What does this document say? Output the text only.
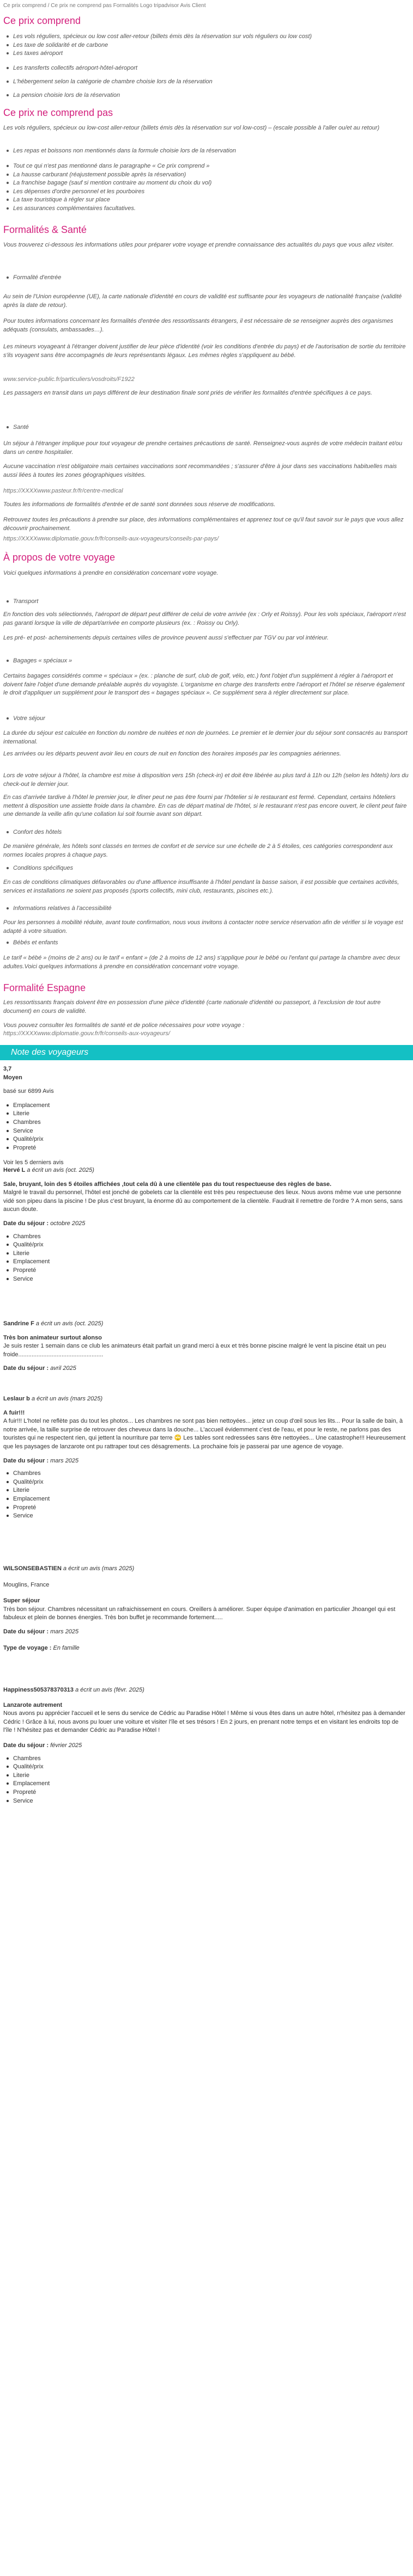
Ce prix comprend / Ce prix ne comprend pas Formalités Logo tripadvisor Avis Client
Ce prix comprend
Les vols réguliers, spécieux ou low cost aller-retour (billets émis dès la réservation sur vols réguliers ou low cost)
Les taxe de solidarité et de carbone
Les taxes aéroport
Les transferts collectifs aéroport-hôtel-aéroport
L'hébergement selon la catégorie de chambre choisie lors de la réservation
La pension choisie lors de la réservation
Ce prix ne comprend pas

Les vols réguliers, spécieux ou low-cost aller-retour (billets émis dès la réservation sur vol low-cost) – (escale possible à l'aller ou/et au retour)

Les repas et boissons non mentionnés dans la formule choisie lors de la réservation
Tout ce qui n'est pas mentionné dans le paragraphe « Ce prix comprend »
La hausse carburant (réajustement possible après la réservation)
La franchise bagage (sauf si mention contraire au moment du choix du vol)
Les dépenses d'ordre personnel et les pourboires
La taxe touristique à régler sur place
Les assurances complémentaires facultatives.
Formalités & Santé

Vous trouverez ci-dessous les informations utiles pour préparer votre voyage et prendre connaissance des actualités du pays que vous allez visiter.

Formalité d'entrée

Au sein de l'Union européenne (UE), la carte nationale d'identité en cours de validité est suffisante pour les voyageurs de nationalité française (validité après la date de retour).

Pour toutes informations concernant les formalités d'entrée des ressortissants étrangers, il est nécessaire de se renseigner auprès des organismes adéquats (consulats, ambassades…).

Les mineurs voyageant à l'étranger doivent justifier de leur pièce d'identité (voir les conditions d'entrée du pays) et de l'autorisation de sortie du territoire s'ils voyagent sans être accompagnés de leurs représentants légaux. Les mêmes règles s'appliquent au bébé.

www.service-public.fr/particuliers/vosdroits/F1922

Les passagers en transit dans un pays différent de leur destination finale sont priés de vérifier les formalités d'entrée spécifiques à ce pays.

Santé

Un séjour à l'étranger implique pour tout voyageur de prendre certaines précautions de santé. Renseignez-vous auprès de votre médecin traitant et/ou dans un centre hospitalier.

Aucune vaccination n'est obligatoire mais certaines vaccinations sont recommandées ; s'assurer d'être à jour dans ses vaccinations habituelles mais aussi liées à toutes les zones géographiques visitées.

https://XXXXwww.pasteur.fr/fr/centre-medical

Toutes les informations de formalités d'entrée et de santé sont données sous réserve de modifications.

Retrouvez toutes les précautions à prendre sur place, des informations complémentaires et apprenez tout ce qu'il faut savoir sur le pays que vous allez découvrir prochainement.

https://XXXXwww.diplomatie.gouv.fr/fr/conseils-aux-voyageurs/conseils-par-pays/

À propos de votre voyage

Voici quelques informations à prendre en considération concernant votre voyage.

Transport

En fonction des vols sélectionnés, l'aéroport de départ peut différer de celui de votre arrivée (ex : Orly et Roissy). Pour les vols spéciaux, l'aéroport n'est pas garanti lorsque la ville de départ/arrivée en comporte plusieurs (ex. : Roissy ou Orly).

Les pré- et post- acheminements depuis certaines villes de province peuvent aussi s'effectuer par TGV ou par vol intérieur.

Bagages « spéciaux »

Certains bagages considérés comme « spéciaux » (ex. : planche de surf, club de golf, vélo, etc.) font l'objet d'un supplément à régler à l'aéroport et doivent faire l'objet d'une demande préalable auprès du voyagiste. L'organisme en charge des transferts entre l'aéroport et l'hôtel se réserve également le droit d'appliquer un supplément pour le transport des « bagages spéciaux ». Ce supplément sera à régler directement sur place.

Votre séjour

La durée du séjour est calculée en fonction du nombre de nuitées et non de journées. Le premier et le dernier jour du séjour sont consacrés au transport international.

Les arrivées ou les départs peuvent avoir lieu en cours de nuit en fonction des horaires imposés par les compagnies aériennes.

Lors de votre séjour à l'hôtel, la chambre est mise à disposition vers 15h (check-in) et doit être libérée au plus tard à 11h ou 12h (selon les hôtels) lors du check-out le dernier jour.

En cas d'arrivée tardive à l'hôtel le premier jour, le dîner peut ne pas être fourni par l'hôtelier si le restaurant est fermé. Cependant, certains hôteliers mettent à disposition une assiette froide dans la chambre. En cas de départ matinal de l'hôtel, si le restaurant n'est pas encore ouvert, le client peut faire une demande la veille afin qu'une collation lui soit fournie avant son départ.

Confort des hôtels

De manière générale, les hôtels sont classés en termes de confort et de service sur une échelle de 2 à 5 étoiles, ces catégories correspondent aux normes locales propres à chaque pays.

Conditions spécifiques

En cas de conditions climatiques défavorables ou d'une affluence insuffisante à l'hôtel pendant la basse saison, il est possible que certaines activités, services et installations ne soient pas proposés (sports collectifs, mini club, restaurants, piscines etc.).

Informations relatives à l'accessibilité

Pour les personnes à mobilité réduite, avant toute confirmation, nous vous invitons à contacter notre service réservation afin de vérifier si le voyage est adapté à votre situation.

Bébés et enfants

Le tarif « bébé » (moins de 2 ans) ou le tarif « enfant » (de 2 à moins de 12 ans) s'applique pour le bébé ou l'enfant qui partage la chambre avec deux adultes.Voici quelques informations à prendre en considération concernant votre voyage.

Formalité Espagne

Les ressortissants français doivent être en possession d'une pièce d'identité (carte nationale d'identité ou passeport, à l'exclusion de tout autre document) en cours de validité.

Vous pouvez consulter les formalités de santé et de police nécessaires pour votre voyage :

https://XXXXwww.diplomatie.gouv.fr/fr/conseils-aux-voyageurs/

Note des voyageurs
3,7
Moyen
basé sur 6899 Avis
Emplacement
Literie
Chambres
Service
Qualité/prix
Propreté
Voir les 5 derniers avis
Hervé L a écrit un avis (oct. 2025)
Sale, bruyant, loin des 5 étoiles affichées ,tout cela dû à une clientèle pas du tout respectueuse des règles de base.
Malgré le travail du personnel, l'hôtel est jonché de gobelets car la clientèle est très peu respectueuse des lieux. Nous avons même vue une personne vidé son pipeu dans la piscine ! De plus c'est bruyant, la énorme dû au comportement de la clientèle. Faudrait il remettre de l'ordre ? A mon sens, sans aucun doute.
Date du séjour : octobre 2025
Chambres
Qualité/prix
Literie
Emplacement
Propreté
Service
Sandrine F a écrit un avis (oct. 2025)
Très bon animateur surtout alonso
Je suis rester 1 semain dans ce club les animateurs était parfait un grand merci à eux et très bonne piscine malgré le vent la piscine était un peu froide...................................................
Date du séjour : avril 2025
Leslaur b a écrit un avis (mars 2025)
A fuir!!!
A fuir!!! L'hotel ne reflète pas du tout les photos... Les chambres ne sont pas bien nettoyées... jetez un coup d'œil sous les lits... Pour la salle de bain, à notre arrivée, la taille surprise de retrouver des cheveux dans la douche... L'accueil évidemment c'est de l'eau, et pour le reste, ne parlons pas des touristes qui ne respectent rien, qui jettent la nourriture par terre 🙄 Les tables sont redressées sans être nettoyées... Une catastrophe!!! Heureusement que les paysages de lanzarote ont pu rattraper tout ces désagrements. La prochaine fois je passerai par une agence de voyage.
Date du séjour : mars 2025
Chambres
Qualité/prix
Literie
Emplacement
Propreté
Service
WILSONSEBASTIEN a écrit un avis (mars 2025)
Mouglins, France
Super séjour
Très bon séjour. Chambres nécessitant un rafraichissement en cours. Oreillers à améliorer. Super équipe d'animation en particulier Jhoangel qui est fabuleux et plein de bonnes énergies. Très bon buffet je recommande fortement.....
Date du séjour : mars 2025
Type de voyage : En famille
Happiness505378370313 a écrit un avis (févr. 2025)
Lanzarote autrement
Nous avons pu apprécier l'accueil et le sens du service de Cédric au Paradise Hôtel ! Même si vous êtes dans un autre hôtel, n'hésitez pas à demander Cédric ! Grâce à lui, nous avons pu louer une voiture et visiter l'île et ses trésors ! En 2 jours, en prenant notre temps et en visitant les endroits top de l'île ! N'hésitez pas et demander Cédric au Paradise Hôtel !
Date du séjour : février 2025
Chambres
Qualité/prix
Literie
Emplacement
Propreté
Service
